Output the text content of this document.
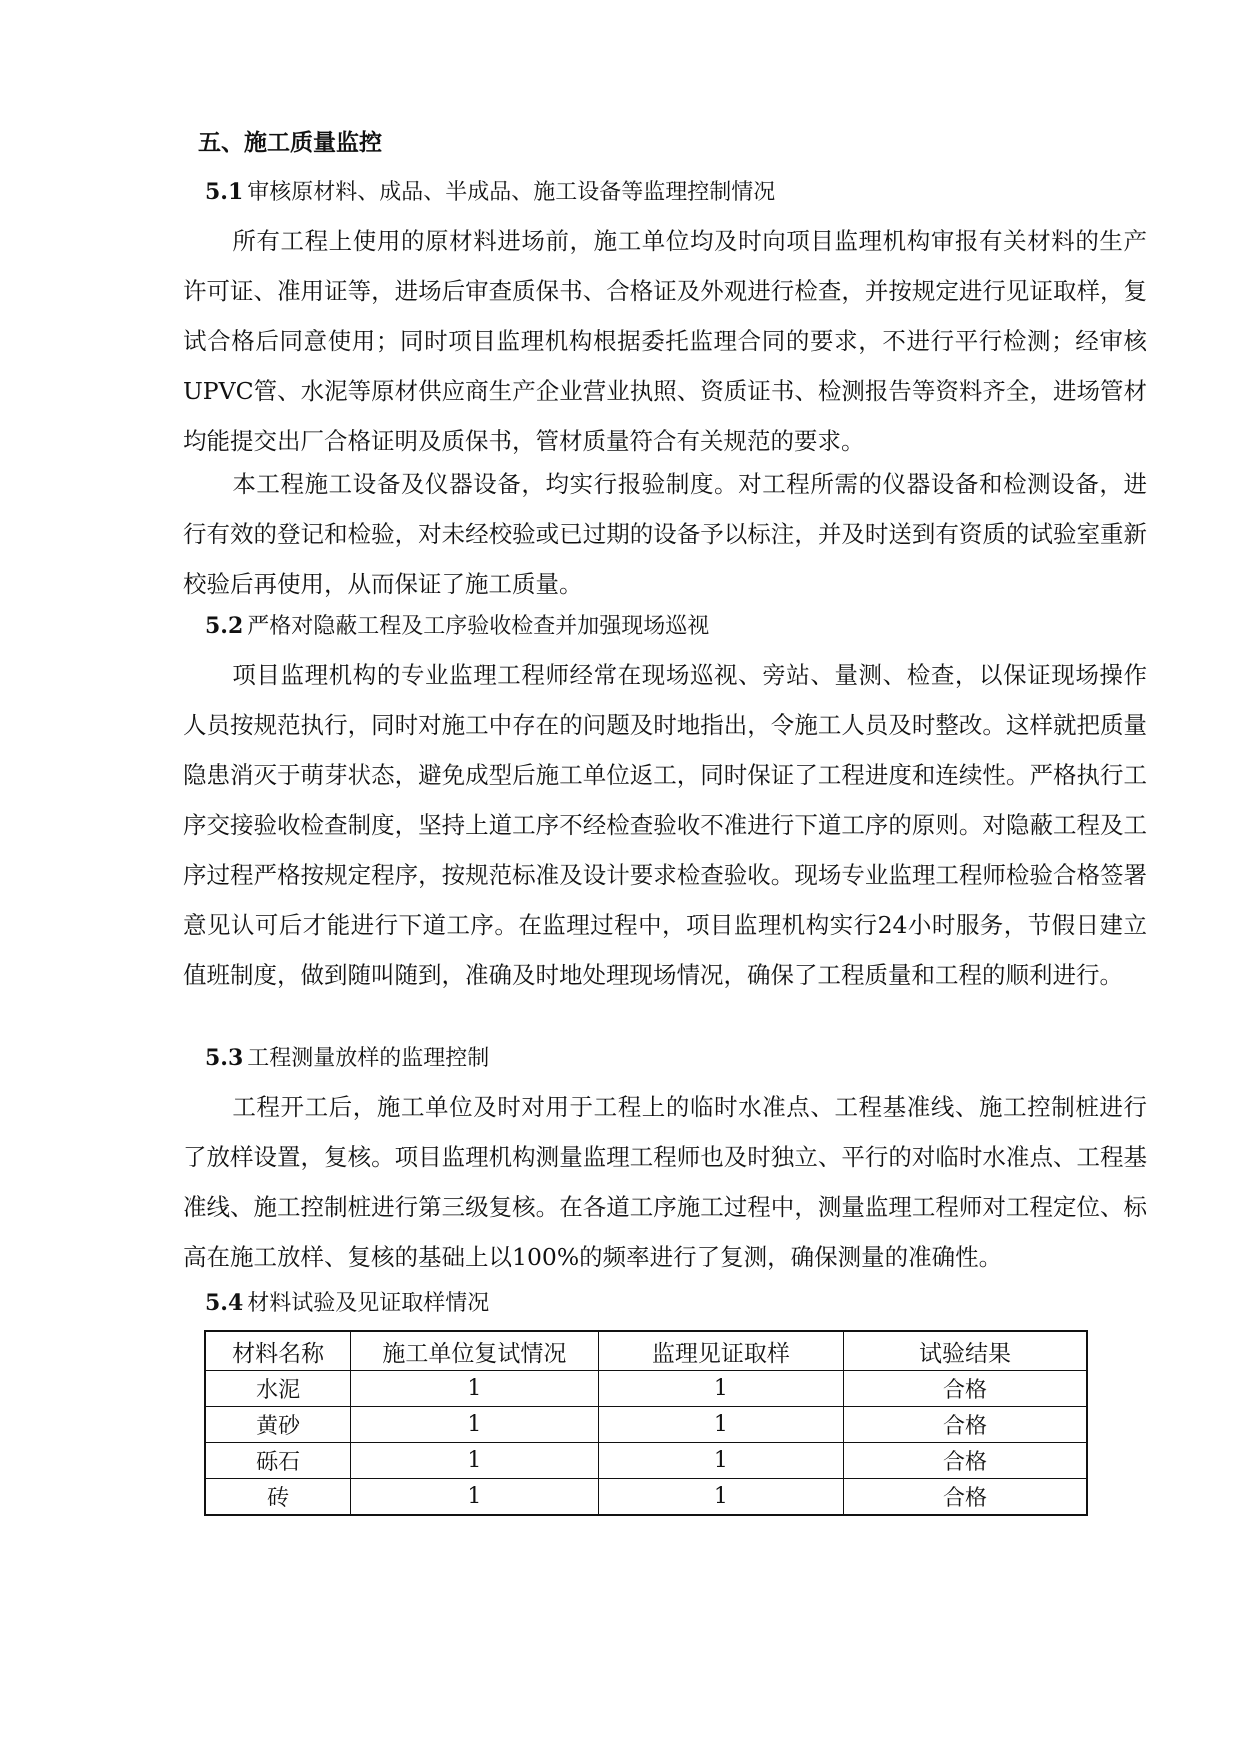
五、施工质量监控
5.1 审核原材料、成品、半成品、施工设备等监理控制情况
所有工程上使用的原材料进场前，施工单位均及时向项目监理机构审报有关材料的生产许可证、准用证等，进场后审查质保书、合格证及外观进行检查，并按规定进行见证取样，复试合格后同意使用；同时项目监理机构根据委托监理合同的要求，不进行平行检测；经审核UPVC管、水泥等原材供应商生产企业营业执照、资质证书、检测报告等资料齐全，进场管材均能提交出厂合格证明及质保书，管材质量符合有关规范的要求。
本工程施工设备及仪器设备，均实行报验制度。对工程所需的仪器设备和检测设备，进行有效的登记和检验，对未经校验或已过期的设备予以标注，并及时送到有资质的试验室重新校验后再使用，从而保证了施工质量。
5.2 严格对隐蔽工程及工序验收检查并加强现场巡视
项目监理机构的专业监理工程师经常在现场巡视、旁站、量测、检查，以保证现场操作人员按规范执行，同时对施工中存在的问题及时地指出，令施工人员及时整改。这样就把质量隐患消灭于萌芽状态，避免成型后施工单位返工，同时保证了工程进度和连续性。严格执行工序交接验收检查制度，坚持上道工序不经检查验收不准进行下道工序的原则。对隐蔽工程及工序过程严格按规定程序，按规范标准及设计要求检查验收。现场专业监理工程师检验合格签署意见认可后才能进行下道工序。在监理过程中，项目监理机构实行24小时服务，节假日建立值班制度，做到随叫随到，准确及时地处理现场情况，确保了工程质量和工程的顺利进行。
5.3 工程测量放样的监理控制
工程开工后，施工单位及时对用于工程上的临时水准点、工程基准线、施工控制桩进行了放样设置，复核。项目监理机构测量监理工程师也及时独立、平行的对临时水准点、工程基准线、施工控制桩进行第三级复核。在各道工序施工过程中，测量监理工程师对工程定位、标高在施工放样、复核的基础上以100%的频率进行了复测，确保测量的准确性。
5.4 材料试验及见证取样情况
材料名称	施工单位复试情况	监理见证取样	试验结果
水泥	1	1	合格
黄砂	1	1	合格
砾石	1	1	合格
砖	1	1	合格
